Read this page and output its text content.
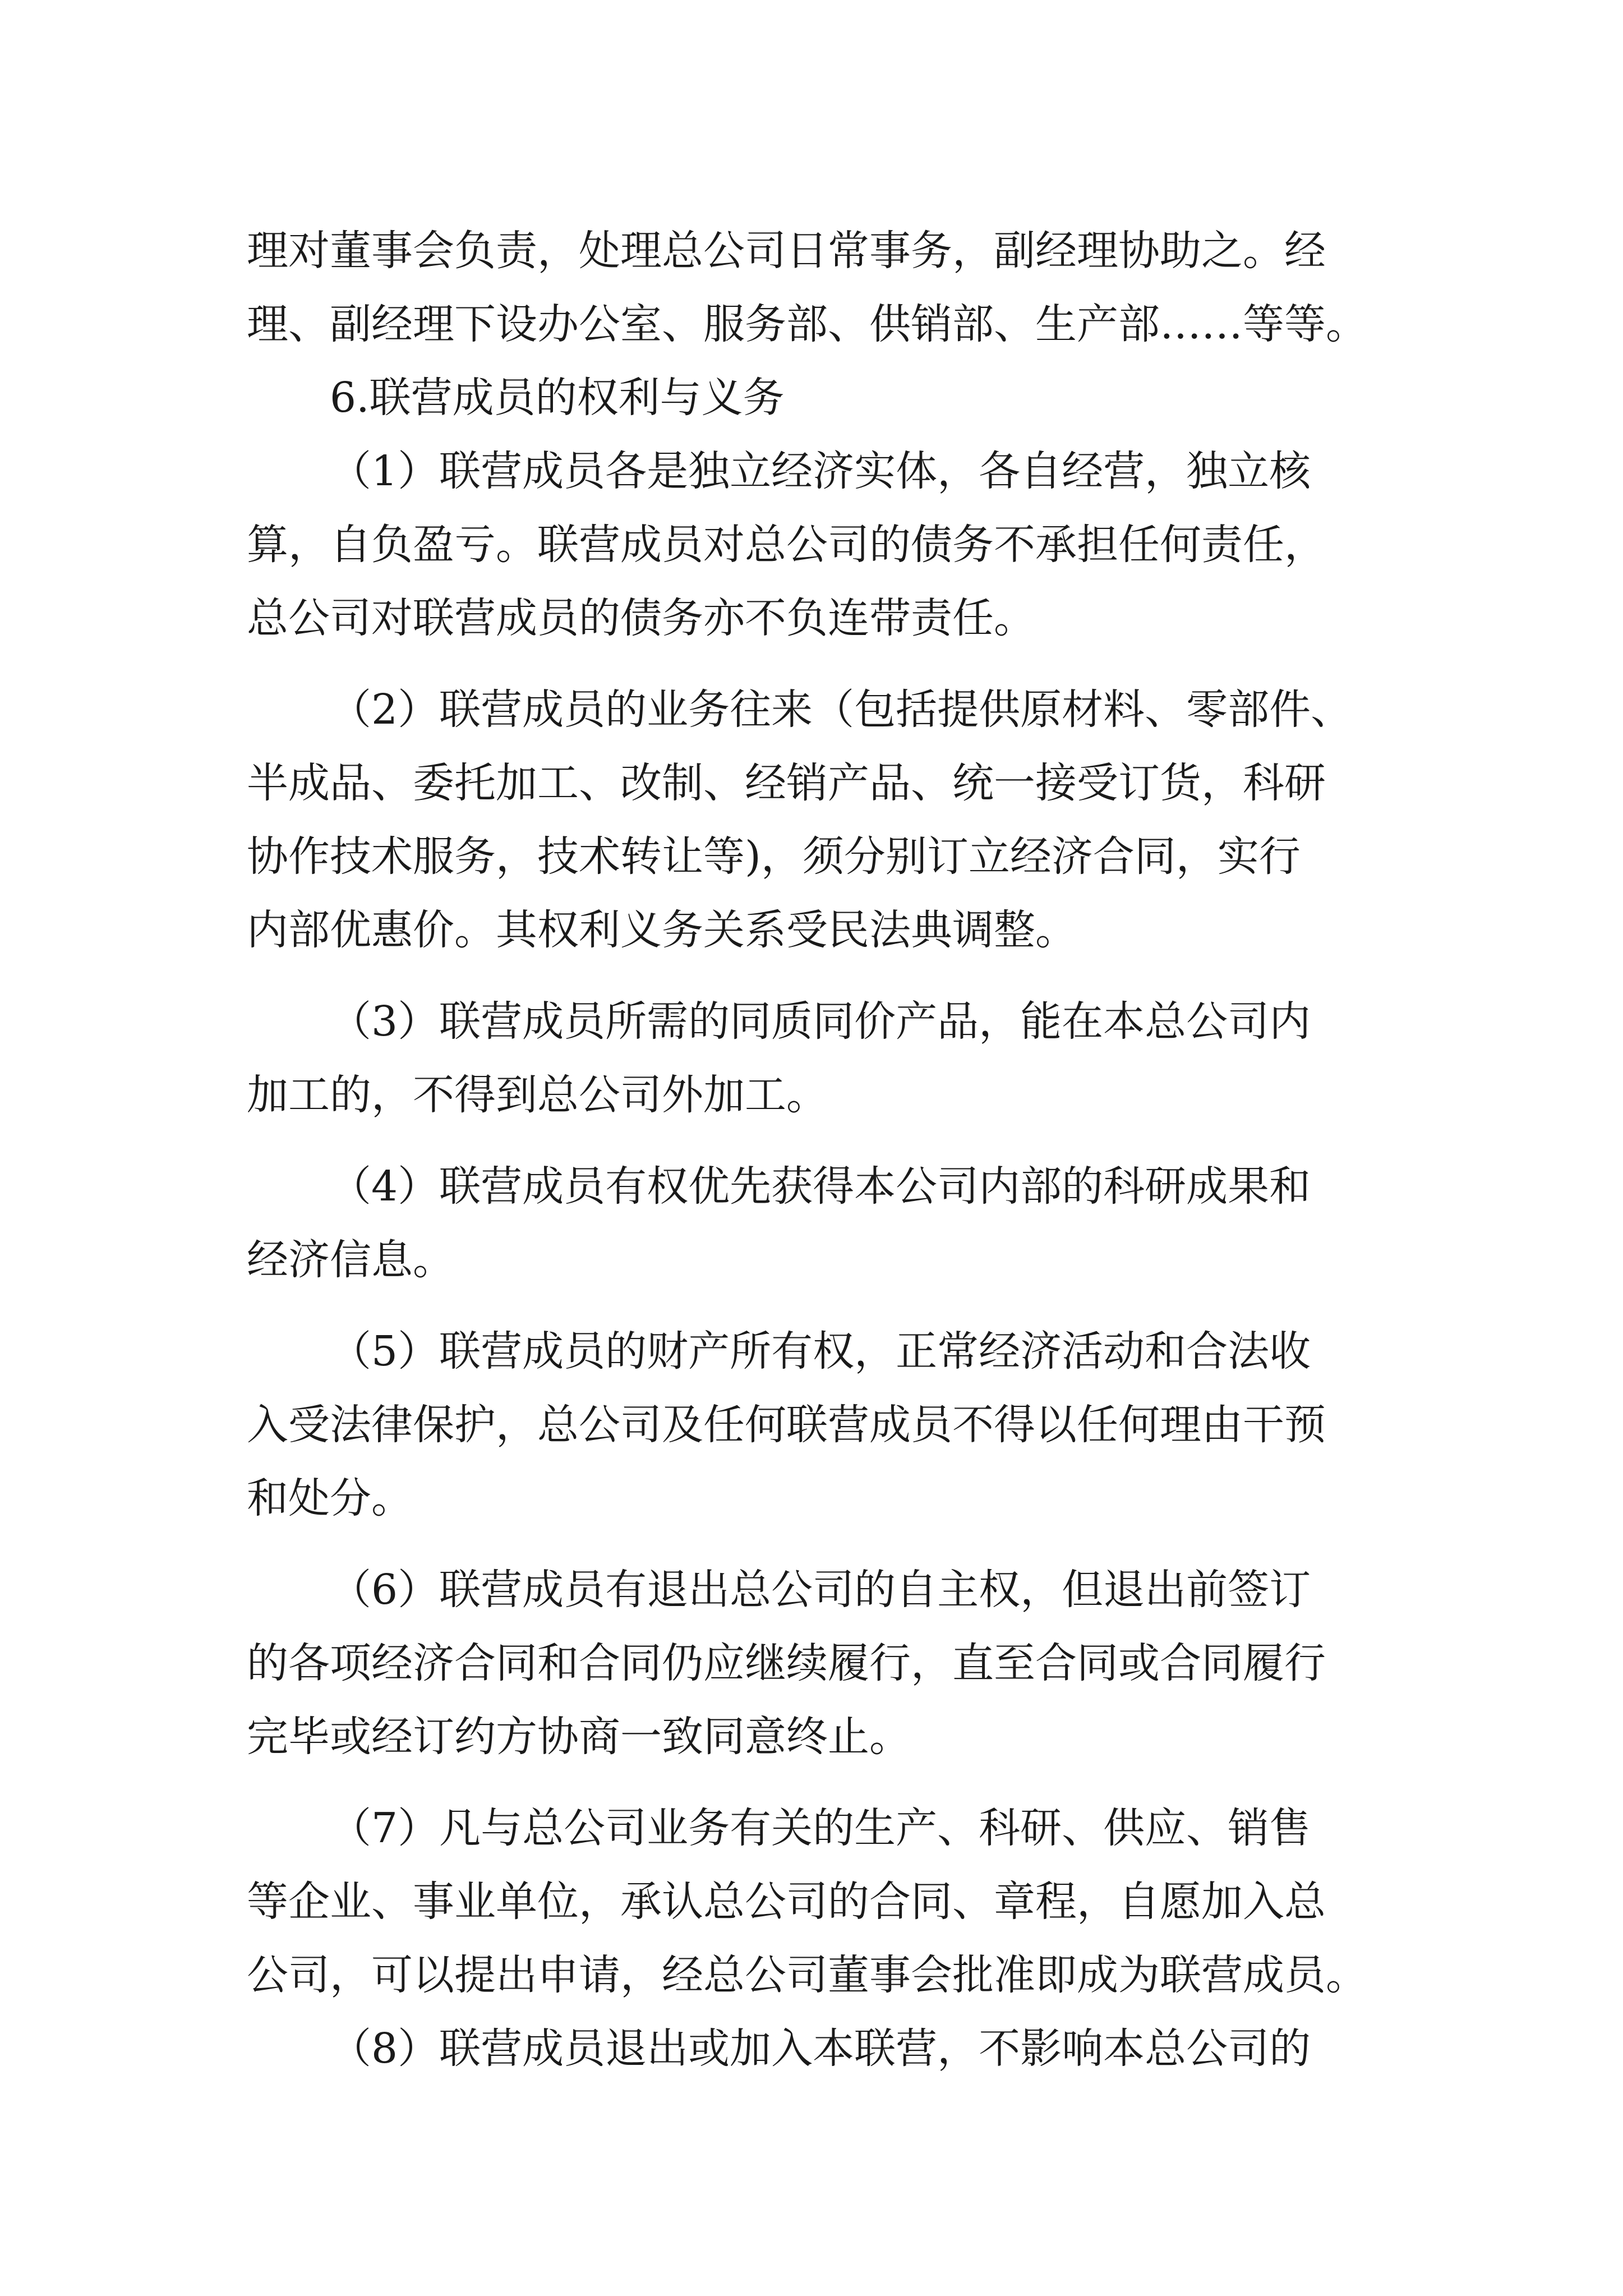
理对董事会负责，处理总公司日常事务，副经理协助之。经
理、副经理下设办公室、服务部、供销部、生产部……等等。
6.联营成员的权利与义务
（1）联营成员各是独立经济实体，各自经营，独立核
算，自负盈亏。联营成员对总公司的债务不承担任何责任，
总公司对联营成员的债务亦不负连带责任。
（2）联营成员的业务往来（包括提供原材料、零部件、
半成品、委托加工、改制、经销产品、统一接受订货，科研
协作技术服务，技术转让等)，须分别订立经济合同，实行
内部优惠价。其权利义务关系受民法典调整。
（3）联营成员所需的同质同价产品，能在本总公司内
加工的，不得到总公司外加工。
（4）联营成员有权优先获得本公司内部的科研成果和
经济信息。
（5）联营成员的财产所有权，正常经济活动和合法收
入受法律保护，总公司及任何联营成员不得以任何理由干预
和处分。
（6）联营成员有退出总公司的自主权，但退出前签订
的各项经济合同和合同仍应继续履行，直至合同或合同履行
完毕或经订约方协商一致同意终止。
（7）凡与总公司业务有关的生产、科研、供应、销售
等企业、事业单位，承认总公司的合同、章程，自愿加入总
公司，可以提出申请，经总公司董事会批准即成为联营成员。
（8）联营成员退出或加入本联营，不影响本总公司的
